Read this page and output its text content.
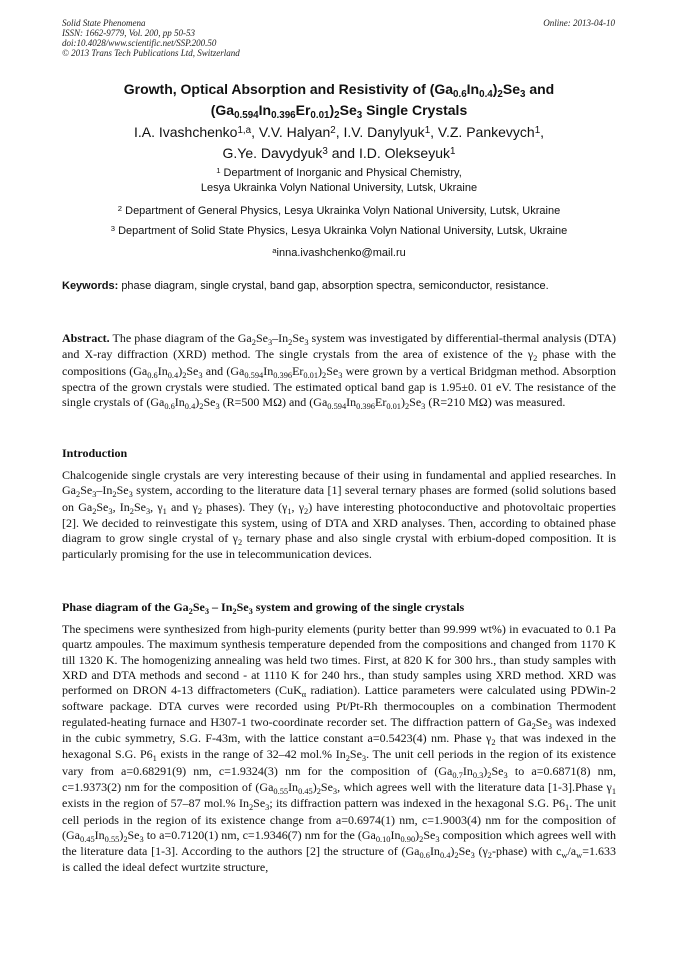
Solid State Phenomena
ISSN: 1662-9779, Vol. 200, pp 50-53
doi:10.4028/www.scientific.net/SSP.200.50
© 2013 Trans Tech Publications Ltd, Switzerland
Online: 2013-04-10
Growth, Optical Absorption and Resistivity of $(Ga_{0.6}In_{0.4})_2Se_3$ and $(Ga_{0.594}In_{0.396}Er_{0.01})_2Se_3$ Single Crystals
I.A. Ivashchenko$^{1,a}$, V.V. Halyan$^2$, I.V. Danylyuk$^1$, V.Z. Pankevych$^1$,
G.Ye. Davydyuk$^3$ and I.D. Olekseyuk$^1$
$^1$ Department of Inorganic and Physical Chemistry,
Lesya Ukrainka Volyn National University, Lutsk, Ukraine
$^2$ Department of General Physics, Lesya Ukrainka Volyn National University, Lutsk, Ukraine
$^3$ Department of Solid State Physics, Lesya Ukrainka Volyn National University, Lutsk, Ukraine
$^a$inna.ivashchenko@mail.ru
Keywords: phase diagram, single crystal, band gap, absorption spectra, semiconductor, resistance.
Abstract. The phase diagram of the $Ga_2Se_3-In_2Se_3$ system was investigated by differential-thermal analysis (DTA) and X-ray diffraction (XRD) method. The single crystals from the area of existence of the $\gamma_2$ phase with the compositions $(Ga_{0.6}In_{0.4})_2Se_3$ and $(Ga_{0.594}In_{0.396}Er_{0.01})_2Se_3$ were grown by a vertical Bridgman method. Absorption spectra of the grown crystals were studied. The estimated optical band gap is 1.95±0. 01 eV. The resistance of the single crystals of $(Ga_{0.6}In_{0.4})_2Se_3$ (R=500 MΩ) and $(Ga_{0.594}In_{0.396}Er_{0.01})_2Se_3$ (R=210 MΩ) was measured.
Introduction
Chalcogenide single crystals are very interesting because of their using in fundamental and applied researches. In $Ga_2Se_3-In_2Se_3$ system, according to the literature data [1] several ternary phases are formed (solid solutions based on $Ga_2Se_3$, $In_2Se_3$, $\gamma_1$ and $\gamma_2$ phases). They ($\gamma_1$, $\gamma_2$) have interesting photoconductive and photovoltaic properties [2]. We decided to reinvestigate this system, using of DTA and XRD analyses. Then, according to obtained phase diagram to grow single crystal of $\gamma_2$ ternary phase and also single crystal with erbium-doped composition. It is particularly promising for the use in telecommunication devices.
Phase diagram of the $Ga_2Se_3 - In_2Se_3$ system and growing of the single crystals
The specimens were synthesized from high-purity elements (purity better than 99.999 wt%) in evacuated to 0.1 Pa quartz ampoules. The maximum synthesis temperature depended from the compositions and changed from 1170 K till 1320 K. The homogenizing annealing was held two times. First, at 820 K for 300 hrs., than study samples with XRD and DTA methods and second - at 1110 K for 240 hrs., than study samples using XRD method. XRD was performed on DRON 4-13 diffractometers (CuK$_\alpha$ radiation). Lattice parameters were calculated using PDWin-2 software package. DTA curves were recorded using Pt/Pt-Rh thermocouples on a combination Thermodent regulated-heating furnace and H307-1 two-coordinate recorder set. The diffraction pattern of $Ga_2Se_3$ was indexed in the cubic symmetry, S.G. F-43m, with the lattice constant a=0.5423(4) nm. Phase $\gamma_2$ that was indexed in the hexagonal S.G. $P6_1$ exists in the range of 32–42 mol.% $In_2Se_3$. The unit cell periods in the region of its existence vary from a=0.68291(9) nm, c=1.9324(3) nm for the composition of $(Ga_{0.7}In_{0.3})_2Se_3$ to a=0.6871(8) nm, c=1.9373(2) nm for the composition of $(Ga_{0.55}In_{0.45})_2Se_3$, which agrees well with the literature data [1-3].Phase $\gamma_1$ exists in the region of 57–87 mol.% $In_2Se_3$; its diffraction pattern was indexed in the hexagonal S.G. $P6_1$. The unit cell periods in the region of its existence change from a=0.6974(1) nm, c=1.9003(4) nm for the composition of $(Ga_{0.45}In_{0.55})_2Se_3$ to a=0.7120(1) nm, c=1.9346(7) nm for the $(Ga_{0.10}In_{0.90})_2Se_3$ composition which agrees well with the literature data [1-3]. According to the authors [2] the structure of $(Ga_{0.6}In_{0.4})_2Se_3$ $(\gamma_2-phase)$ with $c_w/a_w=1.633$ is called the ideal defect wurtzite structure,
